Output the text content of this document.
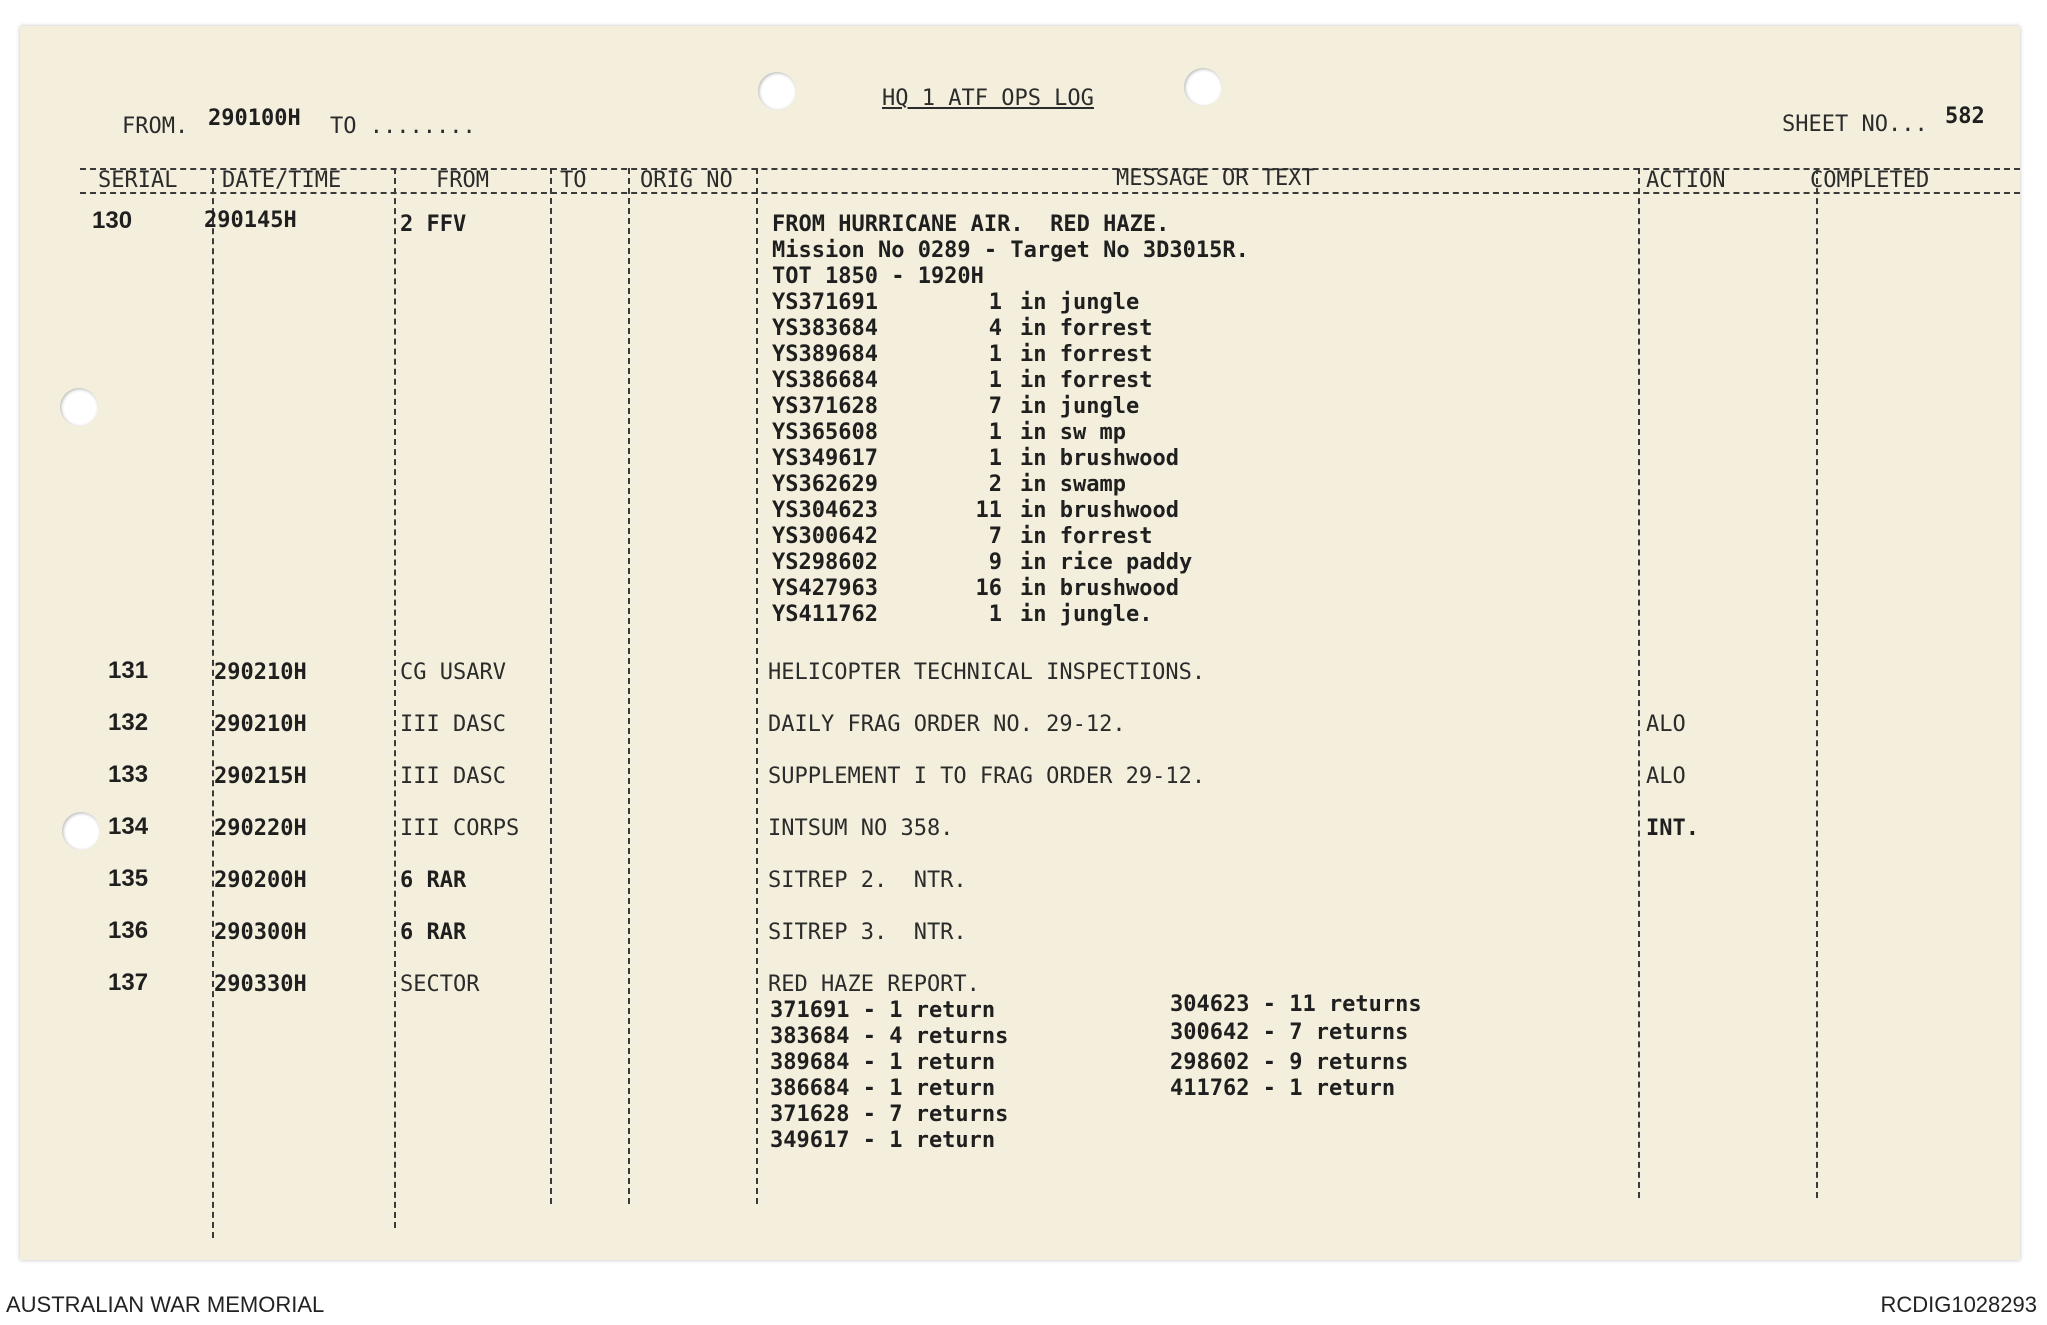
FROM. 290100H TO ........
HQ 1 ATF OPS LOG
SHEET NO... 582
SERIAL DATE/TIME	FROM	TO ORIG NO	MESSAGE OR TEXT	ACTION	COMPLETED
130	290145H	2 FFV	FROM HURRICANE AIR.  RED HAZE.
Mission No 0289 - Target No 3D3015R.
TOT 1850 - 1920H
YS371691	1 in jungle
YS383684	4 in forrest
YS389684	1 in forrest
YS386684	1 in forrest
YS371628	7 in jungle
YS365608	1 in sw mp
YS349617	1 in brushwood
YS362629	2 in swamp
YS304623	11 in brushwood
YS300642	7 in forrest
YS298602	9 in rice paddy
YS427963	16 in brushwood
YS411762	1 in jungle.
131	290210H	CG USARV	HELICOPTER TECHNICAL INSPECTIONS.
132	290210H	III DASC	DAILY FRAG ORDER NO. 29-12.	ALO
133	290215H	III DASC	SUPPLEMENT I TO FRAG ORDER 29-12.	ALO
134	290220H	III CORPS	INTSUM NO 358.	INT.
135	290200H	6 RAR	SITREP 2.  NTR.
136	290300H	6 RAR	SITREP 3.  NTR.
137	290330H	SECTOR	RED HAZE REPORT.
371691 - 1 return
383684 - 4 returns
389684 - 1 return
386684 - 1 return
371628 - 7 returns
349617 - 1 return
304623 - 11 returns
300642 - 7 returns
298602 - 9 returns
411762 - 1 return
AUSTRALIAN WAR MEMORIAL	RCDIG1028293
